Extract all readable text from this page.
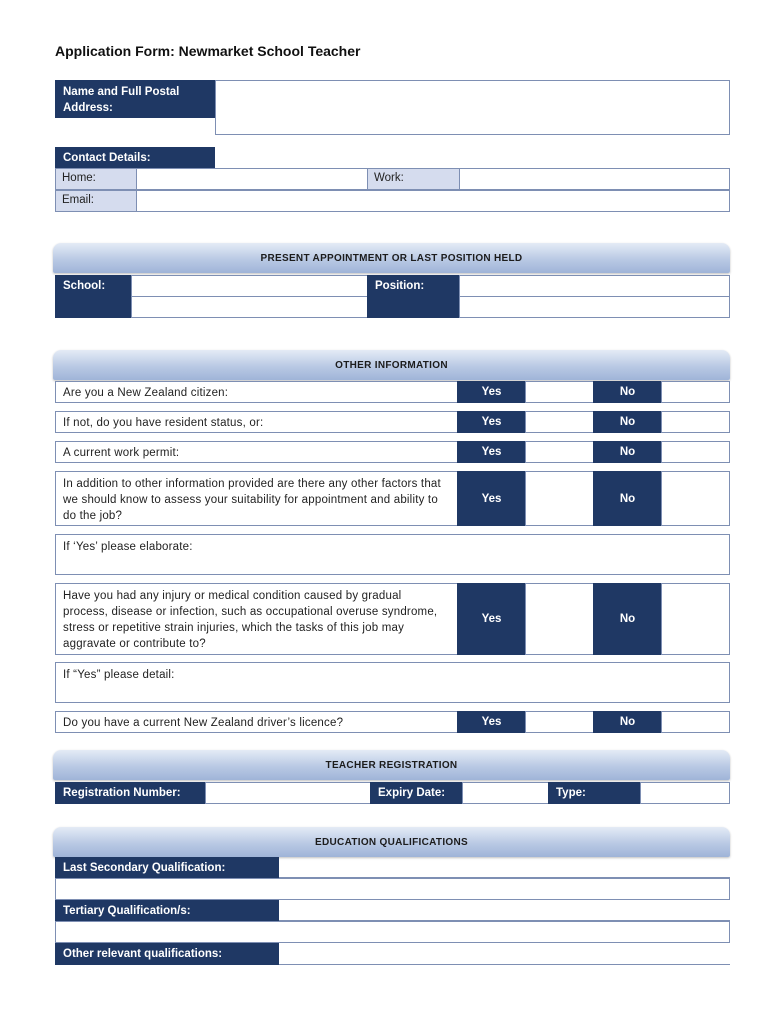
Application Form: Newmarket School Teacher
Name and Full Postal Address:
Contact Details:
Home:	Work:
Email:
PRESENT APPOINTMENT OR LAST POSITION HELD
School:	Position:
OTHER INFORMATION
Are you a New Zealand citizen:	Yes	No
If not, do you have resident status, or:	Yes	No
A current work permit:	Yes	No
In addition to other information provided are there any other factors that we should know to assess your suitability for appointment and ability to do the job?
Yes	No
If ‘Yes’ please elaborate:
Have you had any injury or medical condition caused by gradual process, disease or infection, such as occupational overuse syndrome, stress or repetitive strain injuries, which the tasks of this job may aggravate or contribute to?
Yes	No
If “Yes” please detail:
Do you have a current New Zealand driver’s licence?	Yes	No
TEACHER REGISTRATION
Registration Number:	Expiry Date:	Type:
EDUCATION QUALIFICATIONS
Last Secondary Qualification:
Tertiary Qualification/s:
Other relevant qualifications:
